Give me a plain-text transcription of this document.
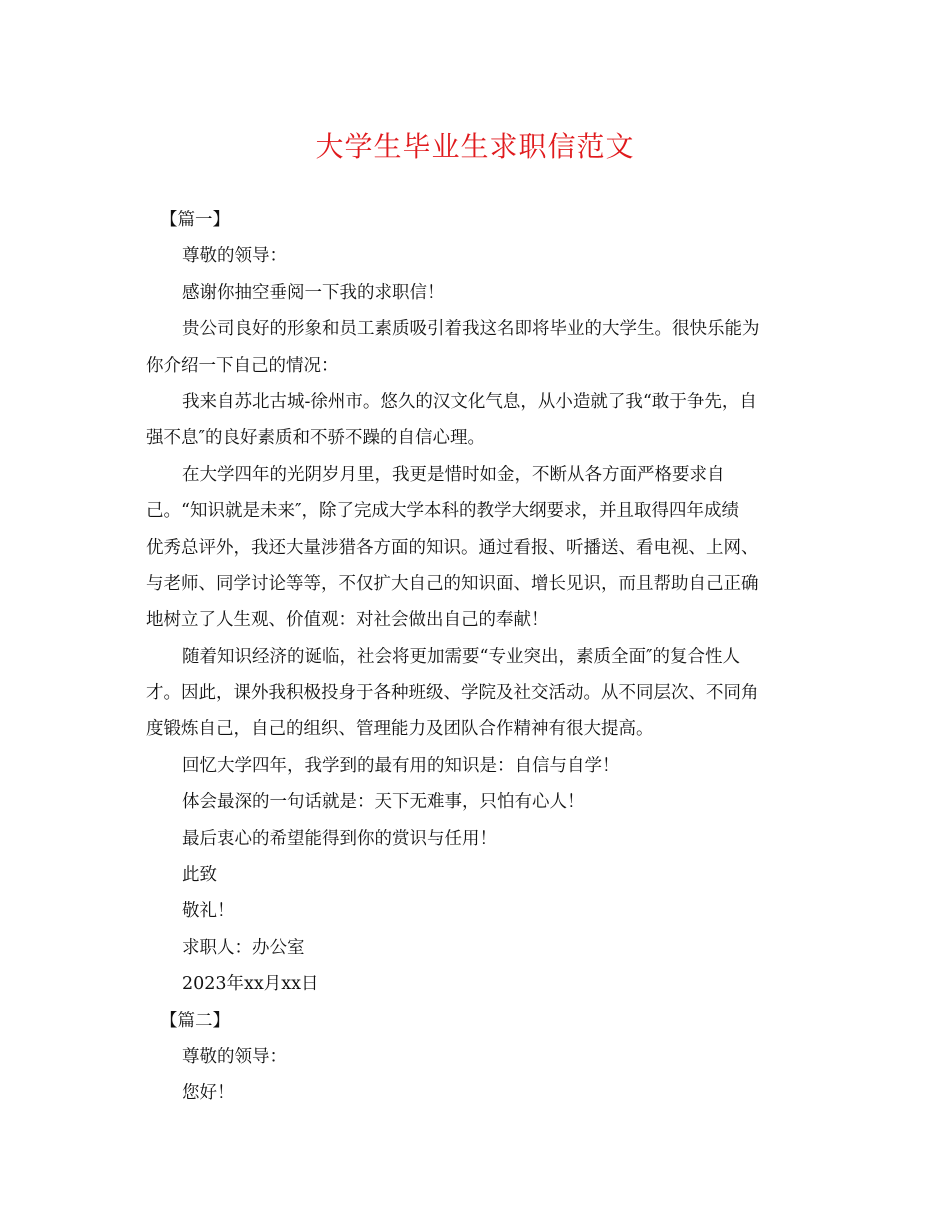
大学生毕业生求职信范文
【篇一】
尊敬的领导：
感谢你抽空垂阅一下我的求职信！
贵公司良好的形象和员工素质吸引着我这名即将毕业的大学生。很快乐能为
你介绍一下自己的情况：
我来自苏北古城-徐州市。悠久的汉文化气息，从小造就了我“敢于争先，自
强不息″的良好素质和不骄不躁的自信心理。
在大学四年的光阴岁月里，我更是惜时如金，不断从各方面严格要求自
己。“知识就是未来″，除了完成大学本科的教学大纲要求，并且取得四年成绩
优秀总评外，我还大量涉猎各方面的知识。通过看报、听播送、看电视、上网、
与老师、同学讨论等等，不仅扩大自己的知识面、增长见识，而且帮助自己正确
地树立了人生观、价值观：对社会做出自己的奉献！
随着知识经济的诞临，社会将更加需要“专业突出，素质全面″的复合性人
才。因此，课外我积极投身于各种班级、学院及社交活动。从不同层次、不同角
度锻炼自己，自己的组织、管理能力及团队合作精神有很大提高。
回忆大学四年，我学到的最有用的知识是：自信与自学！
体会最深的一句话就是：天下无难事，只怕有心人！
最后衷心的希望能得到你的赏识与任用！
此致
敬礼！
求职人：办公室
2023年xx月xx日
【篇二】
尊敬的领导：
您好！
